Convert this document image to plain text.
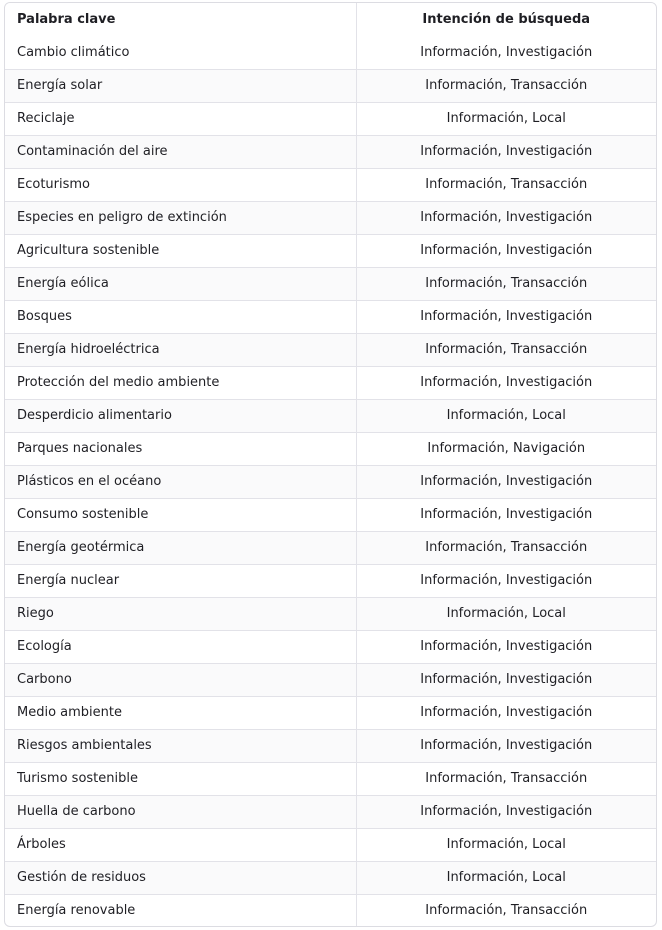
Palabra clave	Intención de búsqueda
Cambio climático	Información, Investigación
Energía solar	Información, Transacción
Reciclaje	Información, Local
Contaminación del aire	Información, Investigación
Ecoturismo	Información, Transacción
Especies en peligro de extinción	Información, Investigación
Agricultura sostenible	Información, Investigación
Energía eólica	Información, Transacción
Bosques	Información, Investigación
Energía hidroeléctrica	Información, Transacción
Protección del medio ambiente	Información, Investigación
Desperdicio alimentario	Información, Local
Parques nacionales	Información, Navigación
Plásticos en el océano	Información, Investigación
Consumo sostenible	Información, Investigación
Energía geotérmica	Información, Transacción
Energía nuclear	Información, Investigación
Riego	Información, Local
Ecología	Información, Investigación
Carbono	Información, Investigación
Medio ambiente	Información, Investigación
Riesgos ambientales	Información, Investigación
Turismo sostenible	Información, Transacción
Huella de carbono	Información, Investigación
Árboles	Información, Local
Gestión de residuos	Información, Local
Energía renovable	Información, Transacción
